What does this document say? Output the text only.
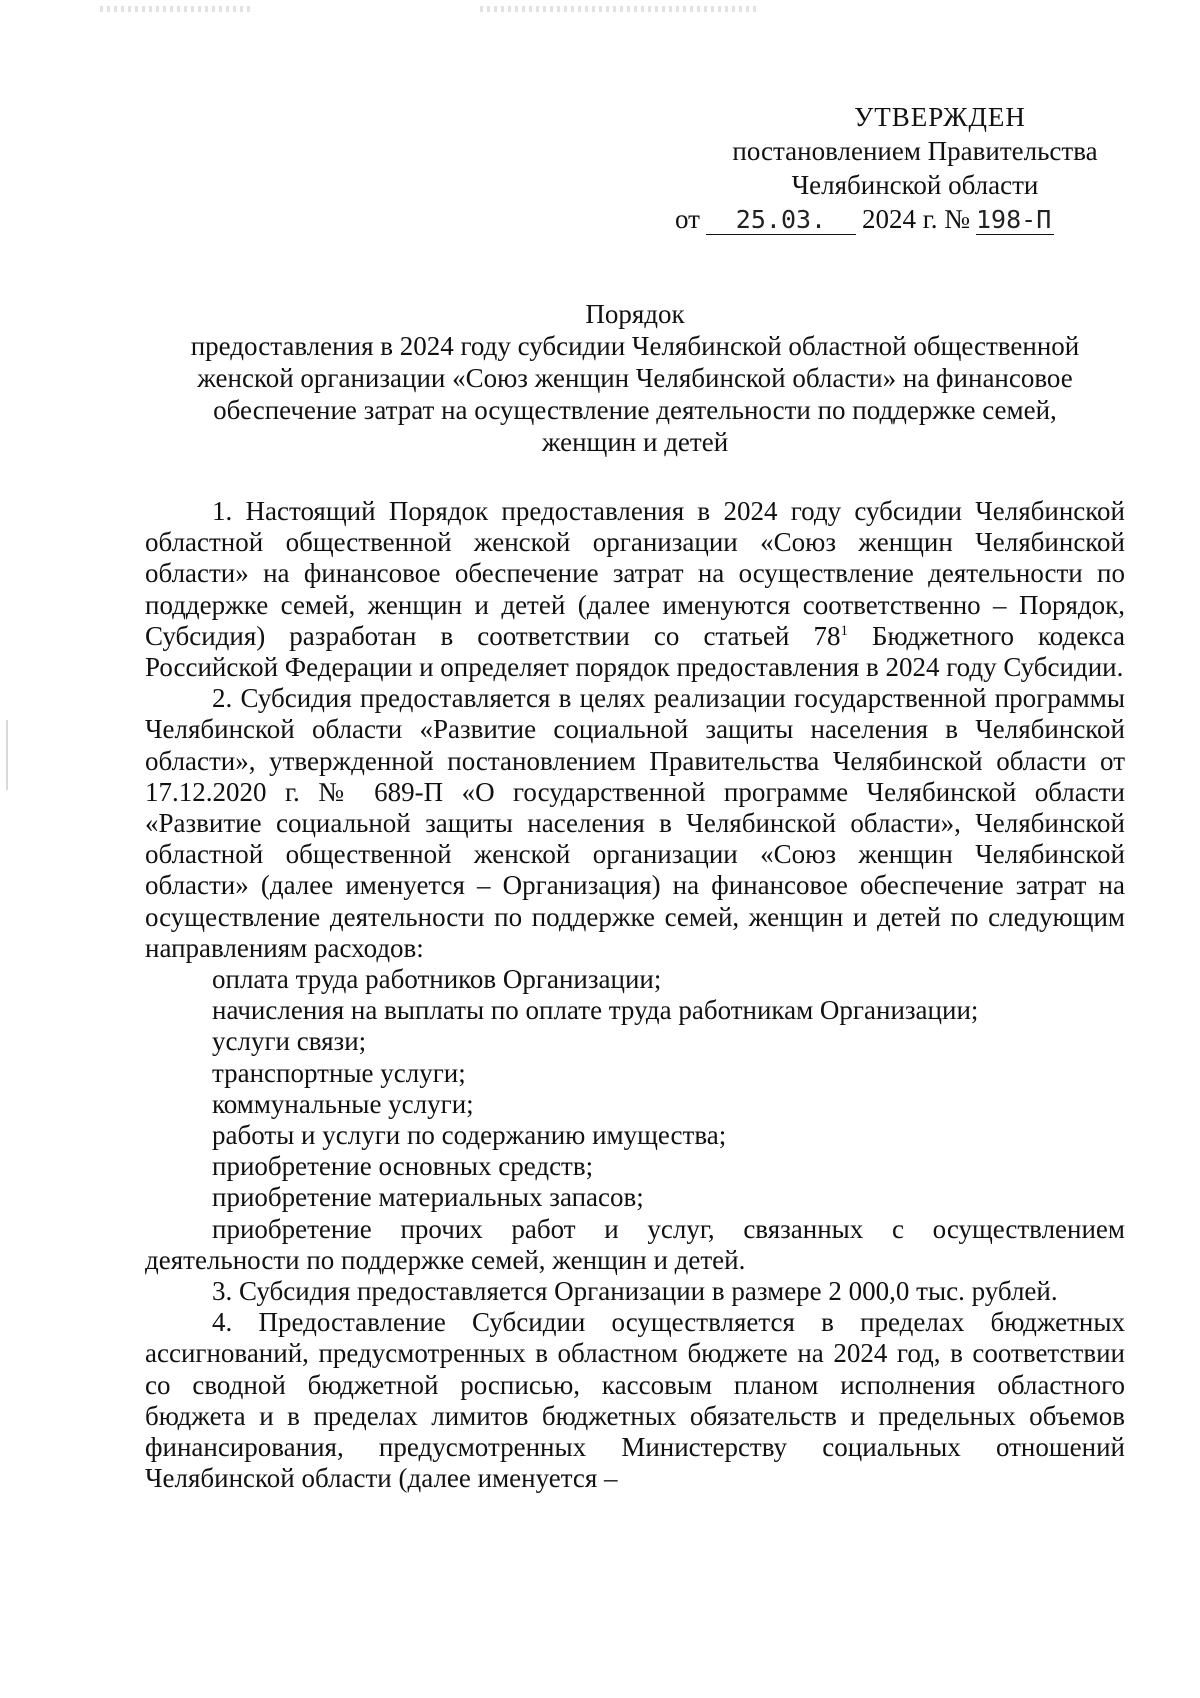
УТВЕРЖДЕН
постановлением Правительства
Челябинской области
от 25.03. 2024 г. № 198-П
Порядок
предоставления в 2024 году субсидии Челябинской областной общественной
женской организации «Союз женщин Челябинской области» на финансовое
обеспечение затрат на осуществление деятельности по поддержке семей,
женщин и детей

1. Настоящий Порядок предоставления в 2024 году субсидии Челябинской областной общественной женской организации «Союз женщин Челябинской области» на финансовое обеспечение затрат на осуществление деятельности по поддержке семей, женщин и детей (далее именуются соответственно – Порядок, Субсидия) разработан в соответствии со статьей $78^1$ Бюджетного кодекса Российской Федерации и определяет порядок предоставления в 2024 году Субсидии.

2. Субсидия предоставляется в целях реализации государственной программы Челябинской области «Развитие социальной защиты населения в Челябинской области», утвержденной постановлением Правительства Челябинской области от 17.12.2020 г. № 689-П «О государственной программе Челябинской области «Развитие социальной защиты населения в Челябинской области», Челябинской областной общественной женской организации «Союз женщин Челябинской области» (далее именуется – Организация) на финансовое обеспечение затрат на осуществление деятельности по поддержке семей, женщин и детей по следующим направлениям расходов:

оплата труда работников Организации;

начисления на выплаты по оплате труда работникам Организации;

услуги связи;

транспортные услуги;

коммунальные услуги;

работы и услуги по содержанию имущества;

приобретение основных средств;

приобретение материальных запасов;

приобретение прочих работ и услуг, связанных с осуществлением деятельности по поддержке семей, женщин и детей.

3. Субсидия предоставляется Организации в размере 2 000,0 тыс. рублей.

4. Предоставление Субсидии осуществляется в пределах бюджетных ассигнований, предусмотренных в областном бюджете на 2024 год, в соответствии со сводной бюджетной росписью, кассовым планом исполнения областного бюджета и в пределах лимитов бюджетных обязательств и предельных объемов финансирования, предусмотренных Министерству социальных отношений Челябинской области (далее именуется –
